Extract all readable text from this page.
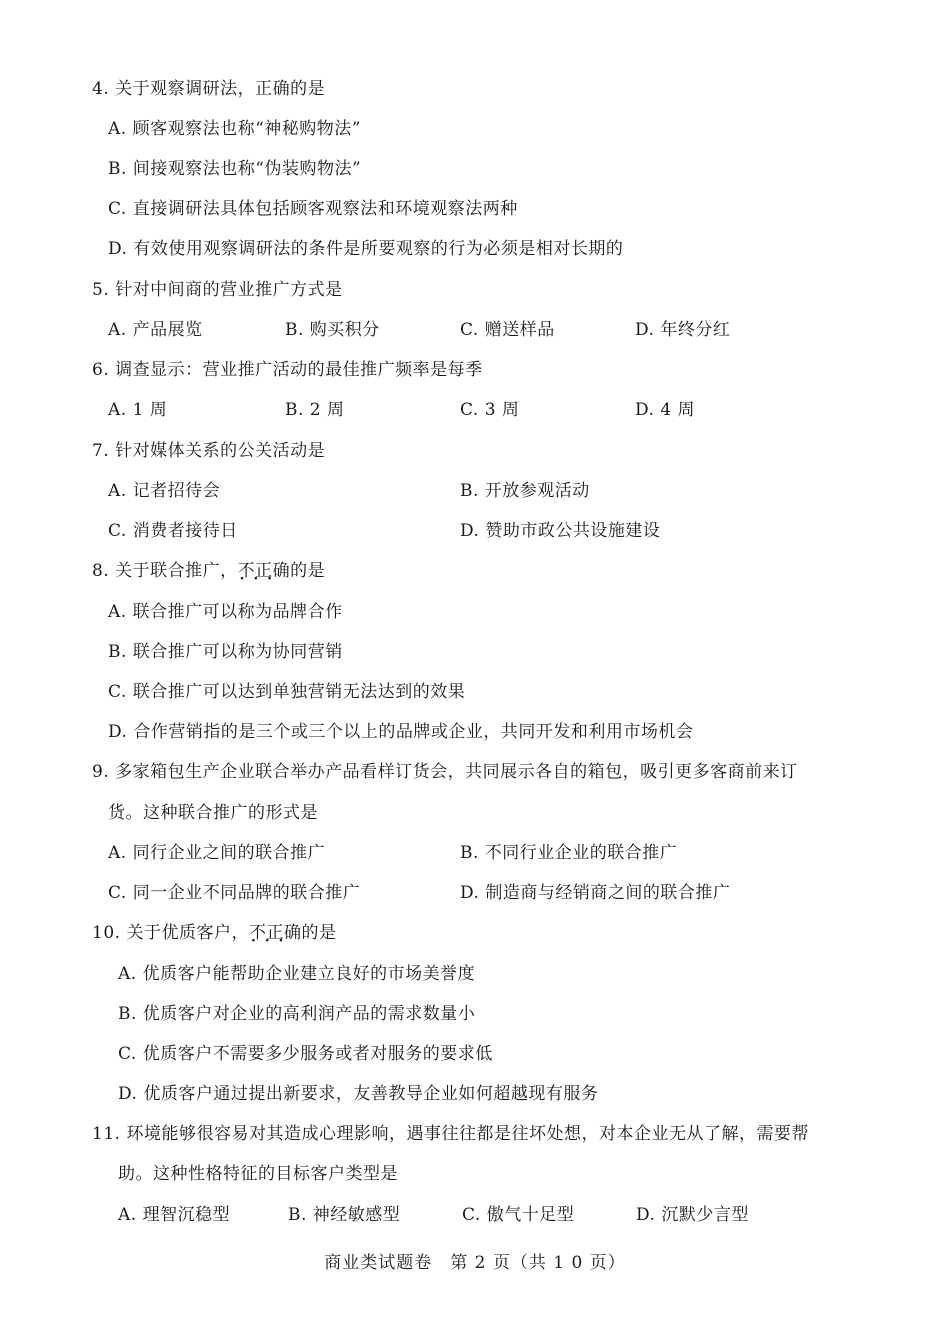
4. 关于观察调研法，正确的是
A. 顾客观察法也称“神秘购物法”
B. 间接观察法也称“伪装购物法”
C. 直接调研法具体包括顾客观察法和环境观察法两种
D. 有效使用观察调研法的条件是所要观察的行为必须是相对长期的
5. 针对中间商的营业推广方式是
A. 产品展览	B. 购买积分	C. 赠送样品	D. 年终分红
6. 调查显示：营业推广活动的最佳推广频率是每季
A. 1 周	B. 2 周	C. 3 周	D. 4 周
7. 针对媒体关系的公关活动是
A. 记者招待会	B. 开放参观活动
C. 消费者接待日	D. 赞助市政公共设施建设
8. 关于联合推广，不正确 · · ·的是
A. 联合推广可以称为品牌合作
B. 联合推广可以称为协同营销
C. 联合推广可以达到单独营销无法达到的效果
D. 合作营销指的是三个或三个以上的品牌或企业，共同开发和利用市场机会
9. 多家箱包生产企业联合举办产品看样订货会，共同展示各自的箱包，吸引更多客商前来订
货。这种联合推广的形式是
A. 同行企业之间的联合推广	B. 不同行业企业的联合推广
C. 同一企业不同品牌的联合推广	D. 制造商与经销商之间的联合推广
10. 关于优质客户，不正确 · · ·的是
A. 优质客户能帮助企业建立良好的市场美誉度
B. 优质客户对企业的高利润产品的需求数量小
C. 优质客户不需要多少服务或者对服务的要求低
D. 优质客户通过提出新要求，友善教导企业如何超越现有服务
11. 环境能够很容易对其造成心理影响，遇事往往都是往坏处想，对本企业无从了解，需要帮
助。这种性格特征的目标客户类型是
A. 理智沉稳型	B. 神经敏感型	C. 傲气十足型	D. 沉默少言型
商业类试题卷　第 2 页（共 1 0 页）
